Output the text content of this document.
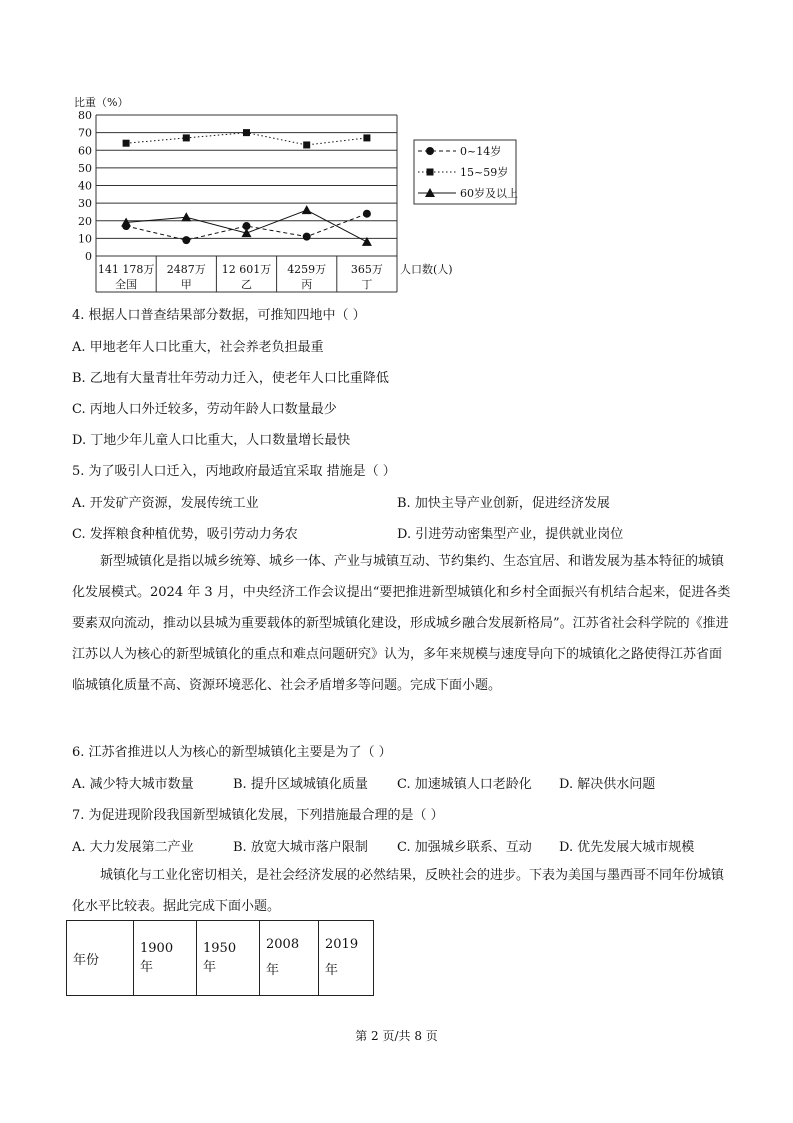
比重（%）
80
70
60
50
40
30
20
10
0
141 178万
全国
2487万
甲
12 601万
乙
4259万
丙
365万
丁
人口数(人)
0~14岁
15~59岁
60岁及以上
4. 根据人口普查结果部分数据，可推知四地中（ ）
A. 甲地老年人口比重大，社会养老负担最重
B. 乙地有大量青壮年劳动力迁入，使老年人口比重降低
C. 丙地人口外迁较多，劳动年龄人口数量最少
D. 丁地少年儿童人口比重大，人口数量增长最快
5. 为了吸引人口迁入，丙地政府最适宜采取 措施是（ ）
A. 开发矿产资源，发展传统工业	B. 加快主导产业创新，促进经济发展
C. 发挥粮食种植优势，吸引劳动力务农	D. 引进劳动密集型产业，提供就业岗位
新型城镇化是指以城乡统筹、城乡一体、产业与城镇互动、节约集约、生态宜居、和谐发展为基本特征的城镇化发展模式。2024 年 3 月，中央经济工作会议提出“要把推进新型城镇化和乡村全面振兴有机结合起来，促进各类要素双向流动，推动以县城为重要载体的新型城镇化建设，形成城乡融合发展新格局”。江苏省社会科学院的《推进江苏以人为核心的新型城镇化的重点和难点问题研究》认为，多年来规模与速度导向下的城镇化之路使得江苏省面临城镇化质量不高、资源环境恶化、社会矛盾增多等问题。完成下面小题。
6. 江苏省推进以人为核心的新型城镇化主要是为了（ ）
A. 减少特大城市数量	B. 提升区域城镇化质量 C. 加速城镇人口老龄化 D. 解决供水问题
7. 为促进现阶段我国新型城镇化发展，下列措施最合理的是（ ）
A. 大力发展第二产业	B. 放宽大城市落户限制 C. 加强城乡联系、互动 D. 优先发展大城市规模
城镇化与工业化密切相关，是社会经济发展的必然结果，反映社会的进步。下表为美国与墨西哥不同年份城镇化水平比较表。据此完成下面小题。
年份	1900 年	1950 年	2008年	2019年
第 2 页/共 8 页
